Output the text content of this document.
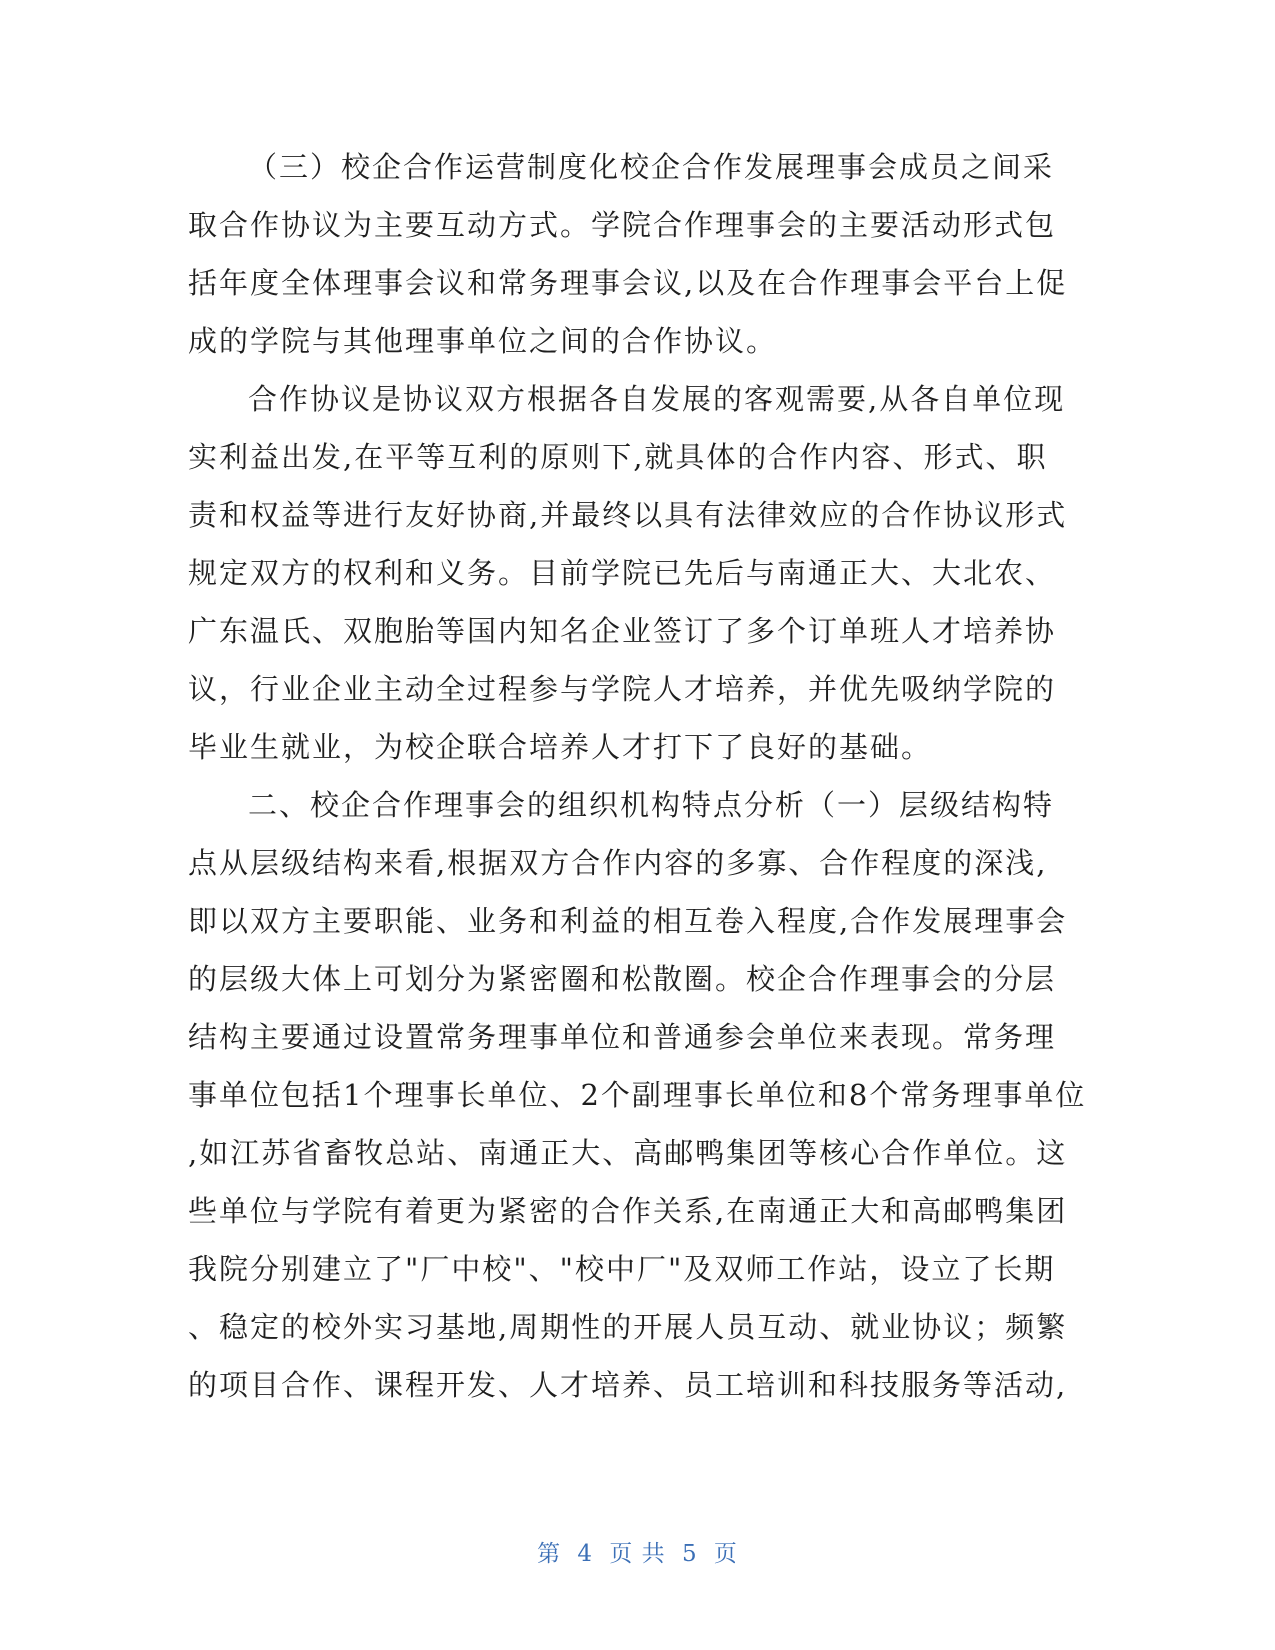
（三）校企合作运营制度化校企合作发展理事会成员之间采
取合作协议为主要互动方式。学院合作理事会的主要活动形式包
括年度全体理事会议和常务理事会议,以及在合作理事会平台上促
成的学院与其他理事单位之间的合作协议。

合作协议是协议双方根据各自发展的客观需要,从各自单位现
实利益出发,在平等互利的原则下,就具体的合作内容、形式、职
责和权益等进行友好协商,并最终以具有法律效应的合作协议形式
规定双方的权利和义务。目前学院已先后与南通正大、大北农、
广东温氏、双胞胎等国内知名企业签订了多个订单班人才培养协
议，行业企业主动全过程参与学院人才培养，并优先吸纳学院的
毕业生就业，为校企联合培养人才打下了良好的基础。

二、校企合作理事会的组织机构特点分析（一）层级结构特
点从层级结构来看,根据双方合作内容的多寡、合作程度的深浅,
即以双方主要职能、业务和利益的相互卷入程度,合作发展理事会
的层级大体上可划分为紧密圈和松散圈。校企合作理事会的分层
结构主要通过设置常务理事单位和普通参会单位来表现。常务理
事单位包括1个理事长单位、2个副理事长单位和8个常务理事单位
,如江苏省畜牧总站、南通正大、高邮鸭集团等核心合作单位。这
些单位与学院有着更为紧密的合作关系,在南通正大和高邮鸭集团
我院分别建立了"厂中校"、"校中厂"及双师工作站，设立了长期
、稳定的校外实习基地,周期性的开展人员互动、就业协议；频繁
的项目合作、课程开发、人才培养、员工培训和科技服务等活动,

第 4 页 共 5 页
